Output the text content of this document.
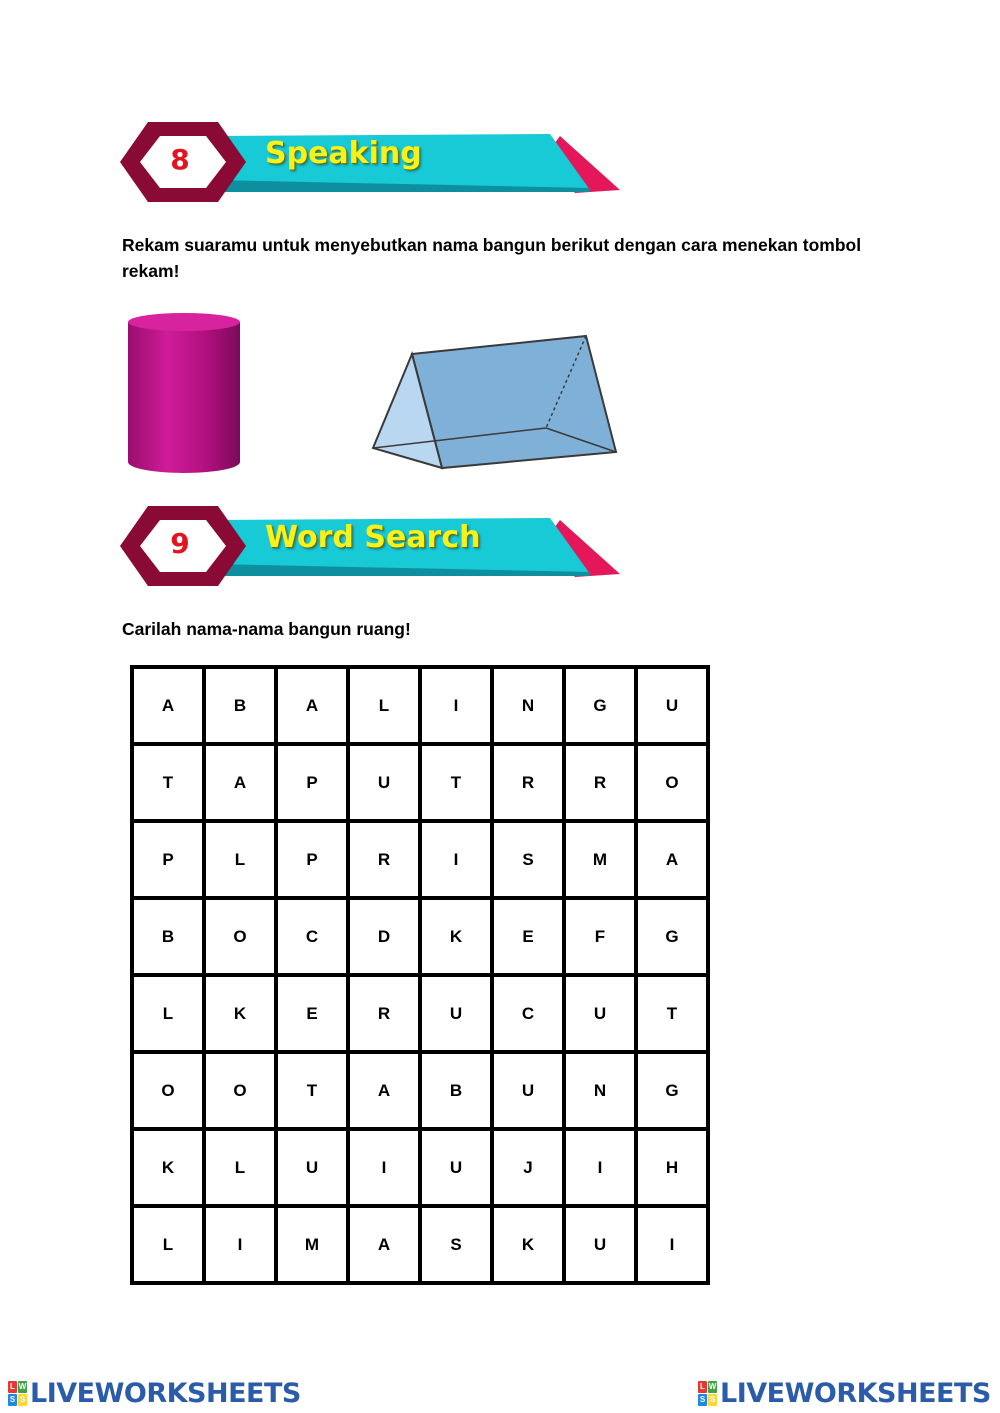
8	Speaking
Rekam suaramu untuk menyebutkan nama bangun berikut dengan cara menekan tombol rekam!
9	Word Search
Carilah nama-nama bangun ruang!
A	B	A	L	I	N	G	U
T	A	P	U	T	R	R	O
P	L	P	R	I	S	M	A
B	O	C	D	K	E	F	G
L	K	E	R	U	C	U	T
O	O	T	A	B	U	N	G
K	L	U	I	U	J	I	H
L	I	M	A	S	K	U	I
L W
S S LIVEWORKSHEETS	L W
S S LIVEWORKSHEETS
